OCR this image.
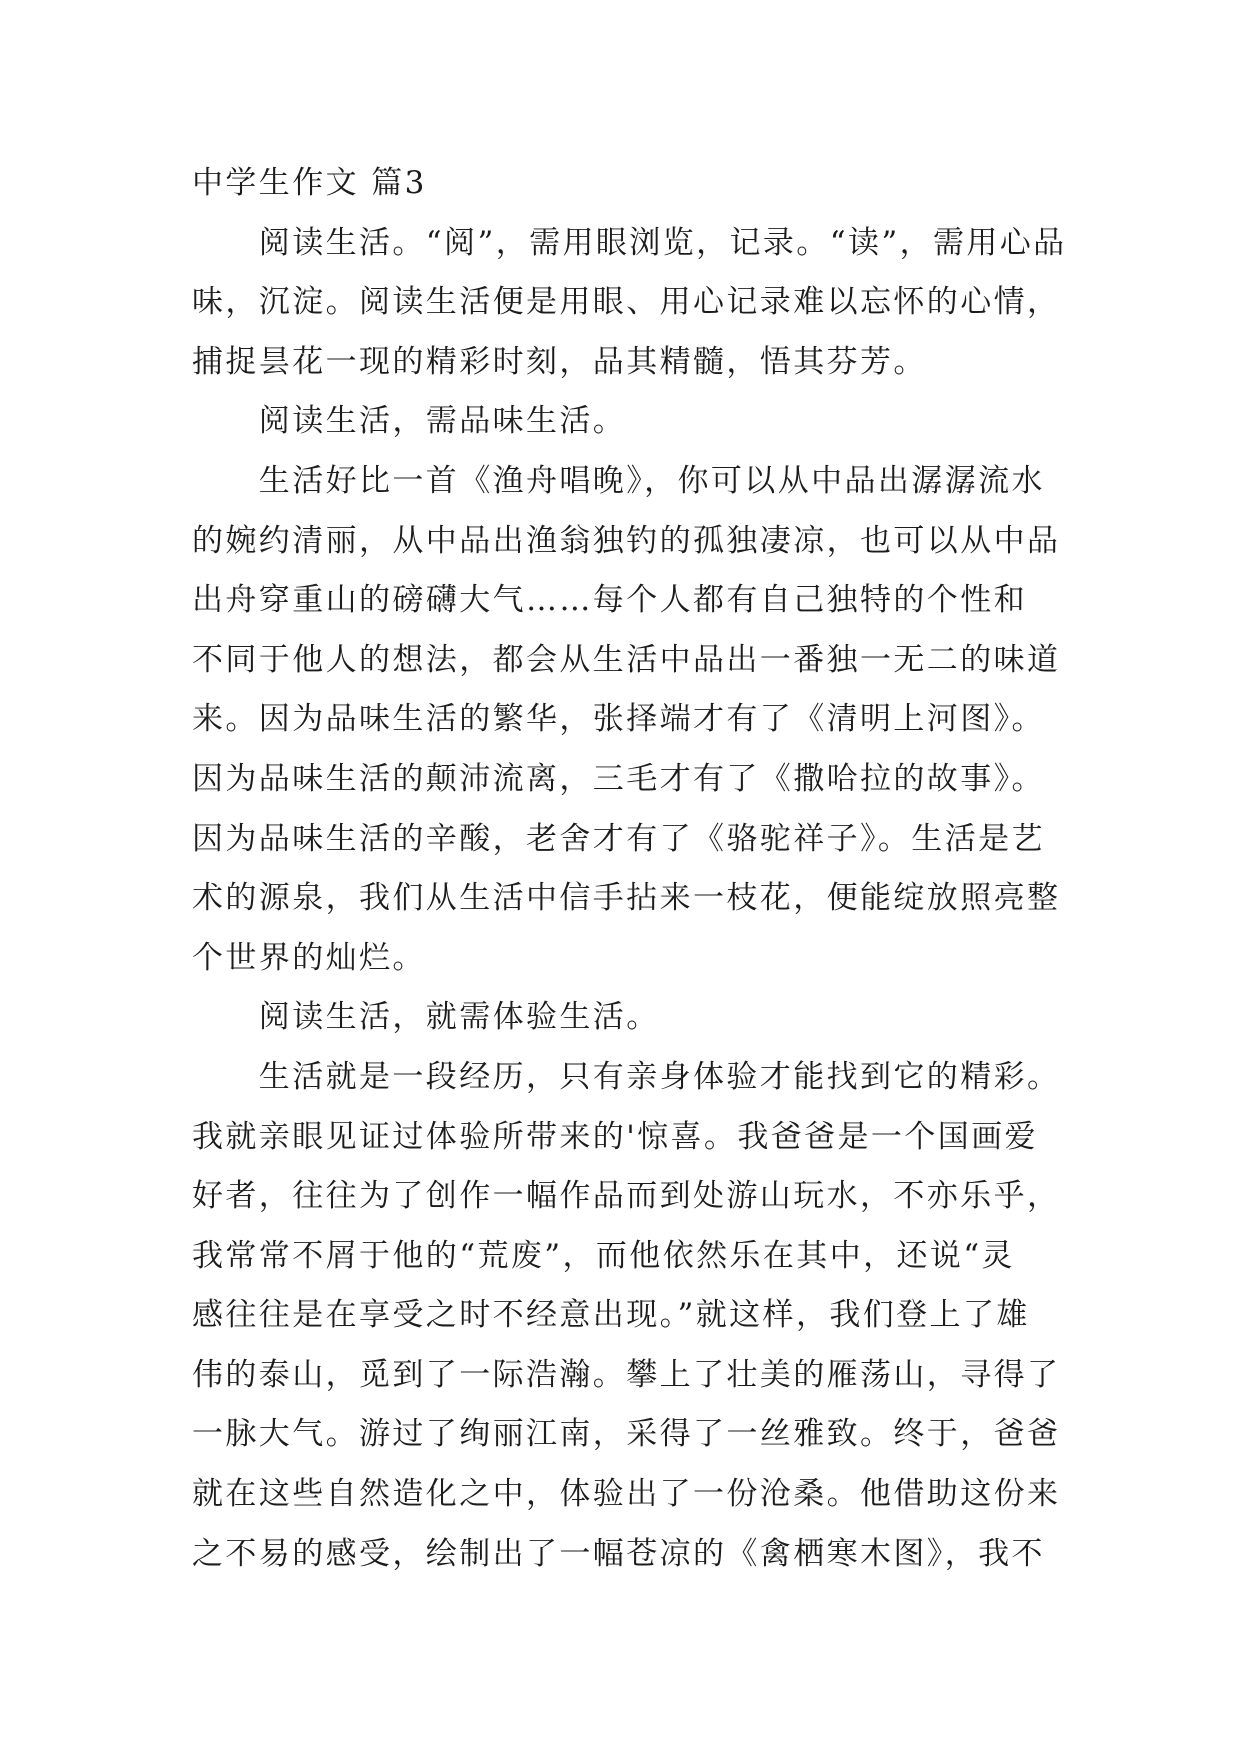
中学生作文 篇3
阅读生活。“阅”，需用眼浏览，记录。“读”，需用心品
味，沉淀。阅读生活便是用眼、用心记录难以忘怀的心情，
捕捉昙花一现的精彩时刻，品其精髓，悟其芬芳。
阅读生活，需品味生活。
生活好比一首《渔舟唱晚》，你可以从中品出潺潺流水
的婉约清丽，从中品出渔翁独钓的孤独凄凉，也可以从中品
出舟穿重山的磅礴大气……每个人都有自己独特的个性和
不同于他人的想法，都会从生活中品出一番独一无二的味道
来。因为品味生活的繁华，张择端才有了《清明上河图》。
因为品味生活的颠沛流离，三毛才有了《撒哈拉的故事》。
因为品味生活的辛酸，老舍才有了《骆驼祥子》。生活是艺
术的源泉，我们从生活中信手拈来一枝花，便能绽放照亮整
个世界的灿烂。
阅读生活，就需体验生活。
生活就是一段经历，只有亲身体验才能找到它的精彩。
我就亲眼见证过体验所带来的'惊喜。我爸爸是一个国画爱
好者，往往为了创作一幅作品而到处游山玩水，不亦乐乎，
我常常不屑于他的“荒废”，而他依然乐在其中，还说“灵
感往往是在享受之时不经意出现。”就这样，我们登上了雄
伟的泰山，觅到了一际浩瀚。攀上了壮美的雁荡山，寻得了
一脉大气。游过了绚丽江南，采得了一丝雅致。终于，爸爸
就在这些自然造化之中，体验出了一份沧桑。他借助这份来
之不易的感受，绘制出了一幅苍凉的《禽栖寒木图》，我不
